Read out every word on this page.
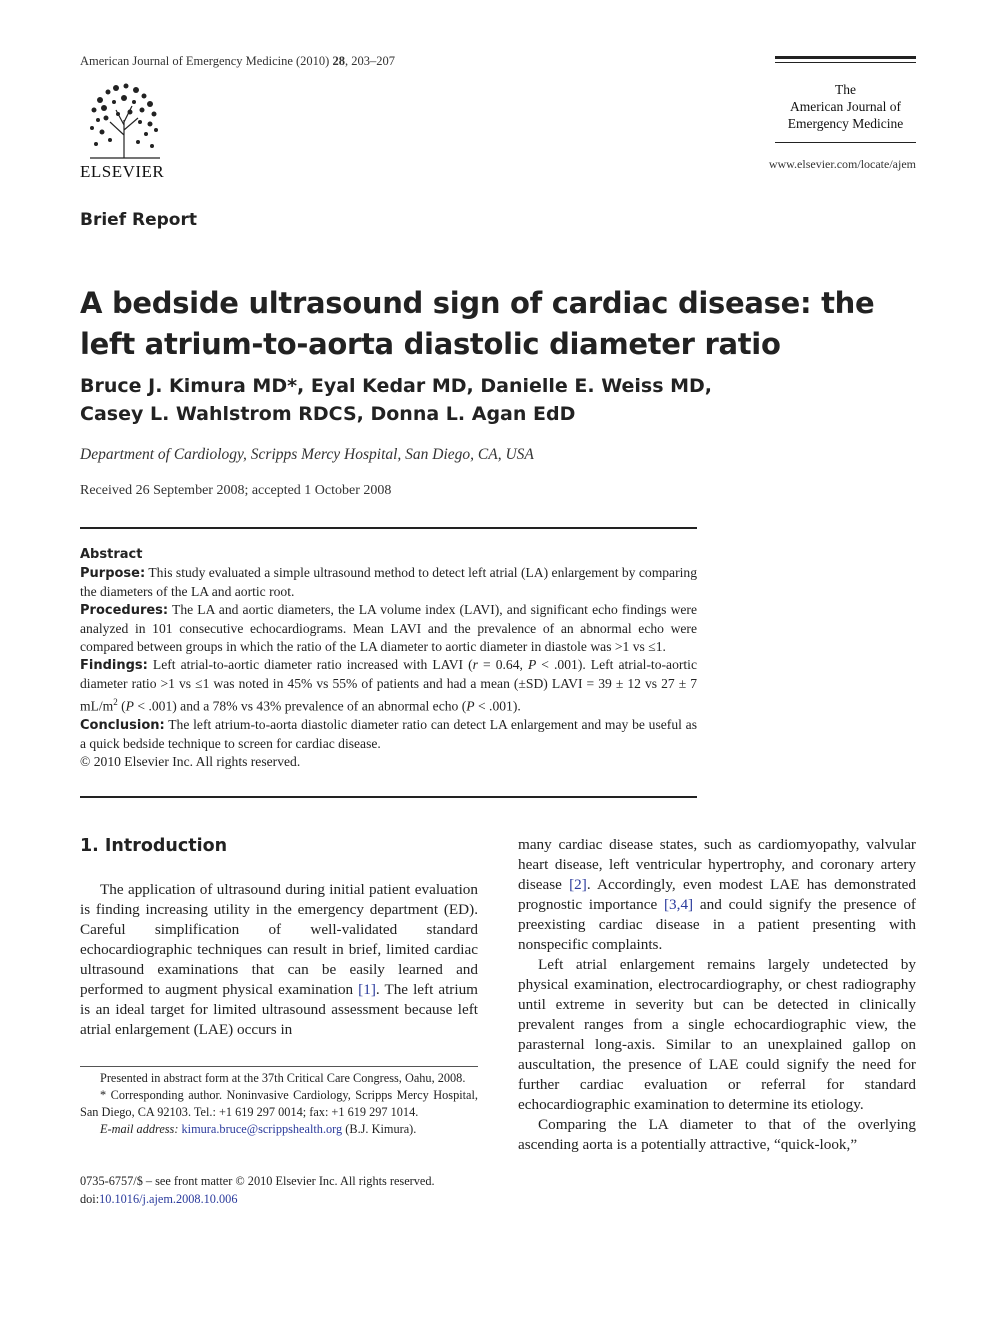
American Journal of Emergency Medicine (2010) 28, 203–207
ELSEVIER
The
American Journal of
Emergency Medicine
www.elsevier.com/locate/ajem
Brief Report
A bedside ultrasound sign of cardiac disease: the left atrium-to-aorta diastolic diameter ratio
Bruce J. Kimura MD*, Eyal Kedar MD, Danielle E. Weiss MD,
Casey L. Wahlstrom RDCS, Donna L. Agan EdD
Department of Cardiology, Scripps Mercy Hospital, San Diego, CA, USA
Received 26 September 2008; accepted 1 October 2008

Abstract

Purpose: This study evaluated a simple ultrasound method to detect left atrial (LA) enlargement by comparing the diameters of the LA and aortic root.

Procedures: The LA and aortic diameters, the LA volume index (LAVI), and significant echo findings were analyzed in 101 consecutive echocardiograms. Mean LAVI and the prevalence of an abnormal echo were compared between groups in which the ratio of the LA diameter to aortic diameter in diastole was >1 vs ≤1.

Findings: Left atrial-to-aortic diameter ratio increased with LAVI (r = 0.64, P < .001). Left atrial-to-aortic diameter ratio >1 vs ≤1 was noted in 45% vs 55% of patients and had a mean (±SD) LAVI = 39 ± 12 vs 27 ± 7 $mL/m^2$ (P < .001) and a 78% vs 43% prevalence of an abnormal echo (P < .001).

Conclusion: The left atrium-to-aorta diastolic diameter ratio can detect LA enlargement and may be useful as a quick bedside technique to screen for cardiac disease.

© 2010 Elsevier Inc. All rights reserved.

1. Introduction

The application of ultrasound during initial patient evaluation is finding increasing utility in the emergency department (ED). Careful simplification of well-validated standard echocardiographic techniques can result in brief, limited cardiac ultrasound examinations that can be easily learned and performed to augment physical examination [1]. The left atrium is an ideal target for limited ultrasound assessment because left atrial enlargement (LAE) occurs in

many cardiac disease states, such as cardiomyopathy, valvular heart disease, left ventricular hypertrophy, and coronary artery disease [2]. Accordingly, even modest LAE has demonstrated prognostic importance [3,4] and could signify the presence of preexisting cardiac disease in a patient presenting with nonspecific complaints.

Left atrial enlargement remains largely undetected by physical examination, electrocardiography, or chest radiography until extreme in severity but can be detected in clinically prevalent ranges from a single echocardiographic view, the parasternal long-axis. Similar to an unexplained gallop on auscultation, the presence of LAE could signify the need for further cardiac evaluation or referral for standard echocardiographic examination to determine its etiology.

Comparing the LA diameter to that of the overlying ascending aorta is a potentially attractive, “quick-look,”

Presented in abstract form at the 37th Critical Care Congress, Oahu, 2008.

* Corresponding author. Noninvasive Cardiology, Scripps Mercy Hospital, San Diego, CA 92103. Tel.: +1 619 297 0014; fax: +1 619 297 1014.

E-mail address: kimura.bruce@scrippshealth.org (B.J. Kimura).

0735-6757/$ – see front matter © 2010 Elsevier Inc. All rights reserved.
doi:10.1016/j.ajem.2008.10.006
